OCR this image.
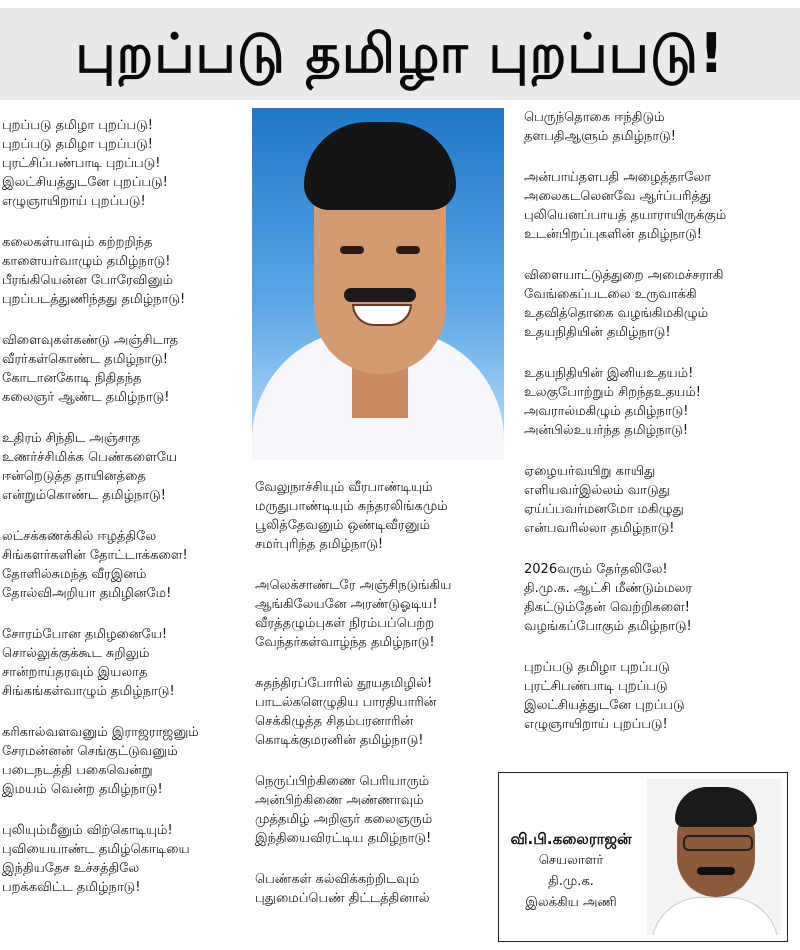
புறப்படு தமிழா புறப்படு!
புறப்படு தமிழா புறப்படு!
புறப்படு தமிழா புறப்படு!
புரட்சிப்பண்பாடி புறப்படு!
இலட்சியத்துடனே புறப்படு!
எழுஞாயிறாய் புறப்படு!
கலைகள்யாவும் கற்றறிந்த
காளையர்வாழும் தமிழ்நாடு!
பீரங்கியென்ன போரேவினும்
புறப்படத்துணிந்தது தமிழ்நாடு!
விளைவுகள்கண்டு அஞ்சிடாத
வீரர்கள்கொண்ட தமிழ்நாடு!
கோடானகோடி நிதிதந்த
கலைஞர் ஆண்ட தமிழ்நாடு!
உதிரம் சிந்திட அஞ்சாத
உணர்ச்சிமிக்க பெண்களையே
ஈன்றெடுத்த தாயினத்தை
என்றும்கொண்ட தமிழ்நாடு!
லட்சக்கணக்கில் ஈழத்திலே
சிங்களர்களின் தோட்டாக்களை!
தோளில்சுமந்த வீரஇனம்
தோல்விஅறியா தமிழினமே!
சோரம்போன தமிழனையே!
சொல்லுக்குக்கூட சுறிலும்
சான்றாய்தரவும் இயலாத
சிங்கங்கள்வாழும் தமிழ்நாடு!
கரிகால்வளவனும் இராஜராஜனும்
சேரமன்னன் செங்குட்டுவனும்
படைநடத்தி பகைவென்று
இமயம் வென்ற தமிழ்நாடு!
புலியும்மீனும் விற்கொடியும்!
புவியையாண்ட தமிழ்கொடியை
இந்தியதேச உச்சத்திலே
பறக்கவிட்ட தமிழ்நாடு!
வேலுநாச்சியும் வீரபாண்டியும்
மருதுபாண்டியும் சுந்தரலிங்கமும்
பூலித்தேவனும் ஒண்டிவீரனும்
சமர்புரிந்த தமிழ்நாடு!
அலெக்சாண்டரே அஞ்சிநடுங்கிய
ஆங்கிலேயனே அரண்டுஓடிய!
வீரத்தழும்புகள் நிரம்பப்பெற்ற
வேந்தர்கள்வாழ்ந்த தமிழ்நாடு!
சுதந்திரப்போரில் தூயதமிழில்!
பாடல்களெழுதிய பாரதியாரின்
செக்கிழுத்த சிதம்பரனாரின்
கொடிக்குமரனின் தமிழ்நாடு!
நெருப்பிற்கிணை பெரியாரும்
அன்பிற்கிணை அண்ணாவும்
முத்தமிழ் அறிஞர் கலைஞரும்
இந்தியைவிரட்டிய தமிழ்நாடு!
பெண்கள் கல்விக்கற்றிடவும்
புதுமைப்பெண் திட்டத்தினால்
பெருந்தொகை ஈந்திடும்
தளபதிஆளும் தமிழ்நாடு!
அன்பாய்தளபதி அழைத்தாலோ
அலைகடலெனவே ஆர்ப்பரித்து
புலியெனப்பாயத் தயாராயிருக்கும்
உடன்பிறப்புகளின் தமிழ்நாடு!
விளையாட்டுத்துறை அமைச்சராகி
வேங்கைப்படலை உருவாக்கி
உதவித்தொகை வழங்கிமகிழும்
உதயநிதியின் தமிழ்நாடு!
உதயநிதியின் இனியஉதயம்!
உலகுபோற்றும் சிறந்தஉதயம்!
அவரால்மகிழும் தமிழ்நாடு!
அன்பில்உயர்ந்த தமிழ்நாடு!
ஏழையர்வயிறு காயிது
எளியவர்இல்லம் வாடுது
ஏய்ப்பவர்மனமோ மகிழுது
என்பவரில்லா தமிழ்நாடு!
2026வரும் தேர்தலிலே!
தி.மு.க. ஆட்சி மீண்டும்மலர
திகட்டும்தேன் வெற்றிகளை!
வழங்கப்போகும் தமிழ்நாடு!
புறப்படு தமிழா புறப்படு
புரட்சிபண்பாடி புறப்படு
இலட்சியத்துடனே புறப்படு
எழுஞாயிறாய் புறப்படு!
வி.பி.கலைராஜன்
செயலாளர்
தி.மு.க.
இலக்கிய அணி
